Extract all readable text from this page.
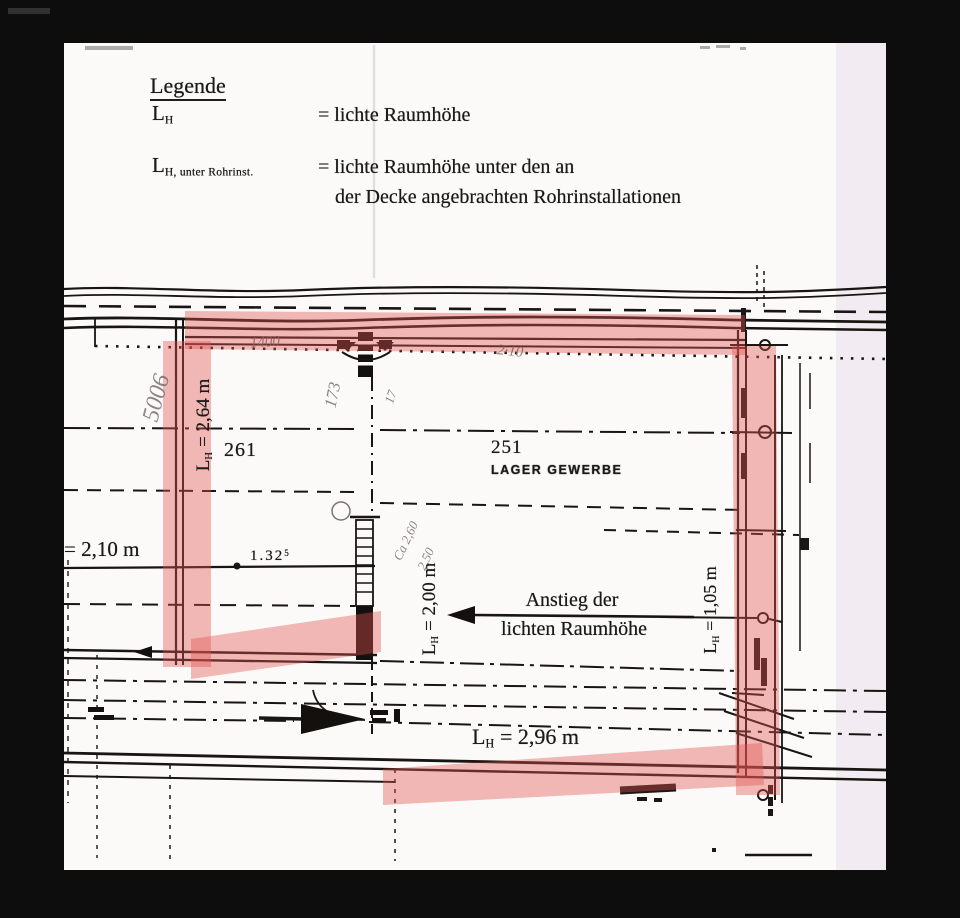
Legende
$L_H$	= lichte Raumhöhe
$L_{H, unter Rohrinst.}$	= lichte Raumhöhe unter den an
der Decke angebrachten Rohrinstallationen
$L_H = 2,64$ m 261	251
LAGER GEWERBE
= 2,10 m	1.32$^5$
$L_H = 2,00$ m	Anstieg der
lichten Raumhöhe
$L_H = 1,05$ m
$L_H = 2,96$ m
5006
1400	2·10
173	17
Ca 2,60
2,50
